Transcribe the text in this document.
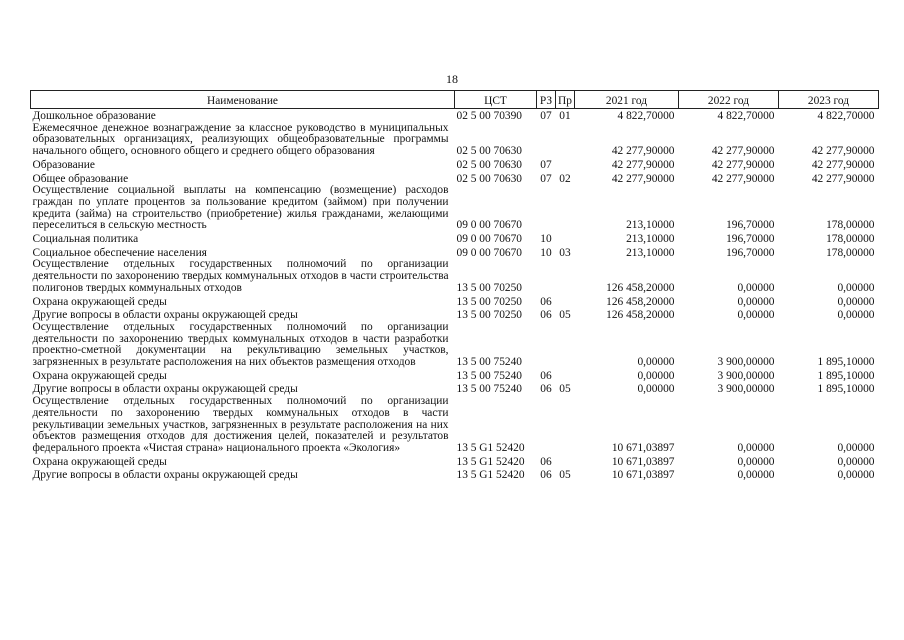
18
Наименование	ЦСТ	РЗ	Пр	2021 год	2022 год	2023 год
Дошкольное образование	02 5 00 70390	07	01	4 822,70000	4 822,70000	4 822,70000
Ежемесячное денежное вознаграждение за классное руководство в муниципальных образовательных организациях, реализующих общеобразовательные программы начального общего, основного общего и среднего общего образования	02 5 00 70630			42 277,90000	42 277,90000	42 277,90000
Образование	02 5 00 70630	07		42 277,90000	42 277,90000	42 277,90000
Общее образование	02 5 00 70630	07	02	42 277,90000	42 277,90000	42 277,90000
Осуществление социальной выплаты на компенсацию (возмещение) расходов граждан по уплате процентов за пользование кредитом (займом) при получении кредита (займа) на строительство (приобретение) жилья гражданами, желающими переселиться в сельскую местность	09 0 00 70670			213,10000	196,70000	178,00000
Социальная политика	09 0 00 70670	10		213,10000	196,70000	178,00000
Социальное обеспечение населения	09 0 00 70670	10	03	213,10000	196,70000	178,00000
Осуществление отдельных государственных полномочий по организации деятельности по захоронению твердых коммунальных отходов в части строительства полигонов твердых коммунальных отходов	13 5 00 70250			126 458,20000	0,00000	0,00000
Охрана окружающей среды	13 5 00 70250	06		126 458,20000	0,00000	0,00000
Другие вопросы в области охраны окружающей среды	13 5 00 70250	06	05	126 458,20000	0,00000	0,00000
Осуществление отдельных государственных полномочий по организации деятельности по захоронению твердых коммунальных отходов в части разработки проектно-сметной документации на рекультивацию земельных участков, загрязненных в результате расположения на них объектов размещения отходов	13 5 00 75240			0,00000	3 900,00000	1 895,10000
Охрана окружающей среды	13 5 00 75240	06		0,00000	3 900,00000	1 895,10000
Другие вопросы в области охраны окружающей среды	13 5 00 75240	06	05	0,00000	3 900,00000	1 895,10000
Осуществление отдельных государственных полномочий по организации деятельности по захоронению твердых коммунальных отходов в части рекультивации земельных участков, загрязненных в результате расположения на них объектов размещения отходов для достижения целей, показателей и результатов федерального проекта «Чистая страна» национального проекта «Экология»	13 5 G1 52420			10 671,03897	0,00000	0,00000
Охрана окружающей среды	13 5 G1 52420	06		10 671,03897	0,00000	0,00000
Другие вопросы в области охраны окружающей среды	13 5 G1 52420	06	05	10 671,03897	0,00000	0,00000
